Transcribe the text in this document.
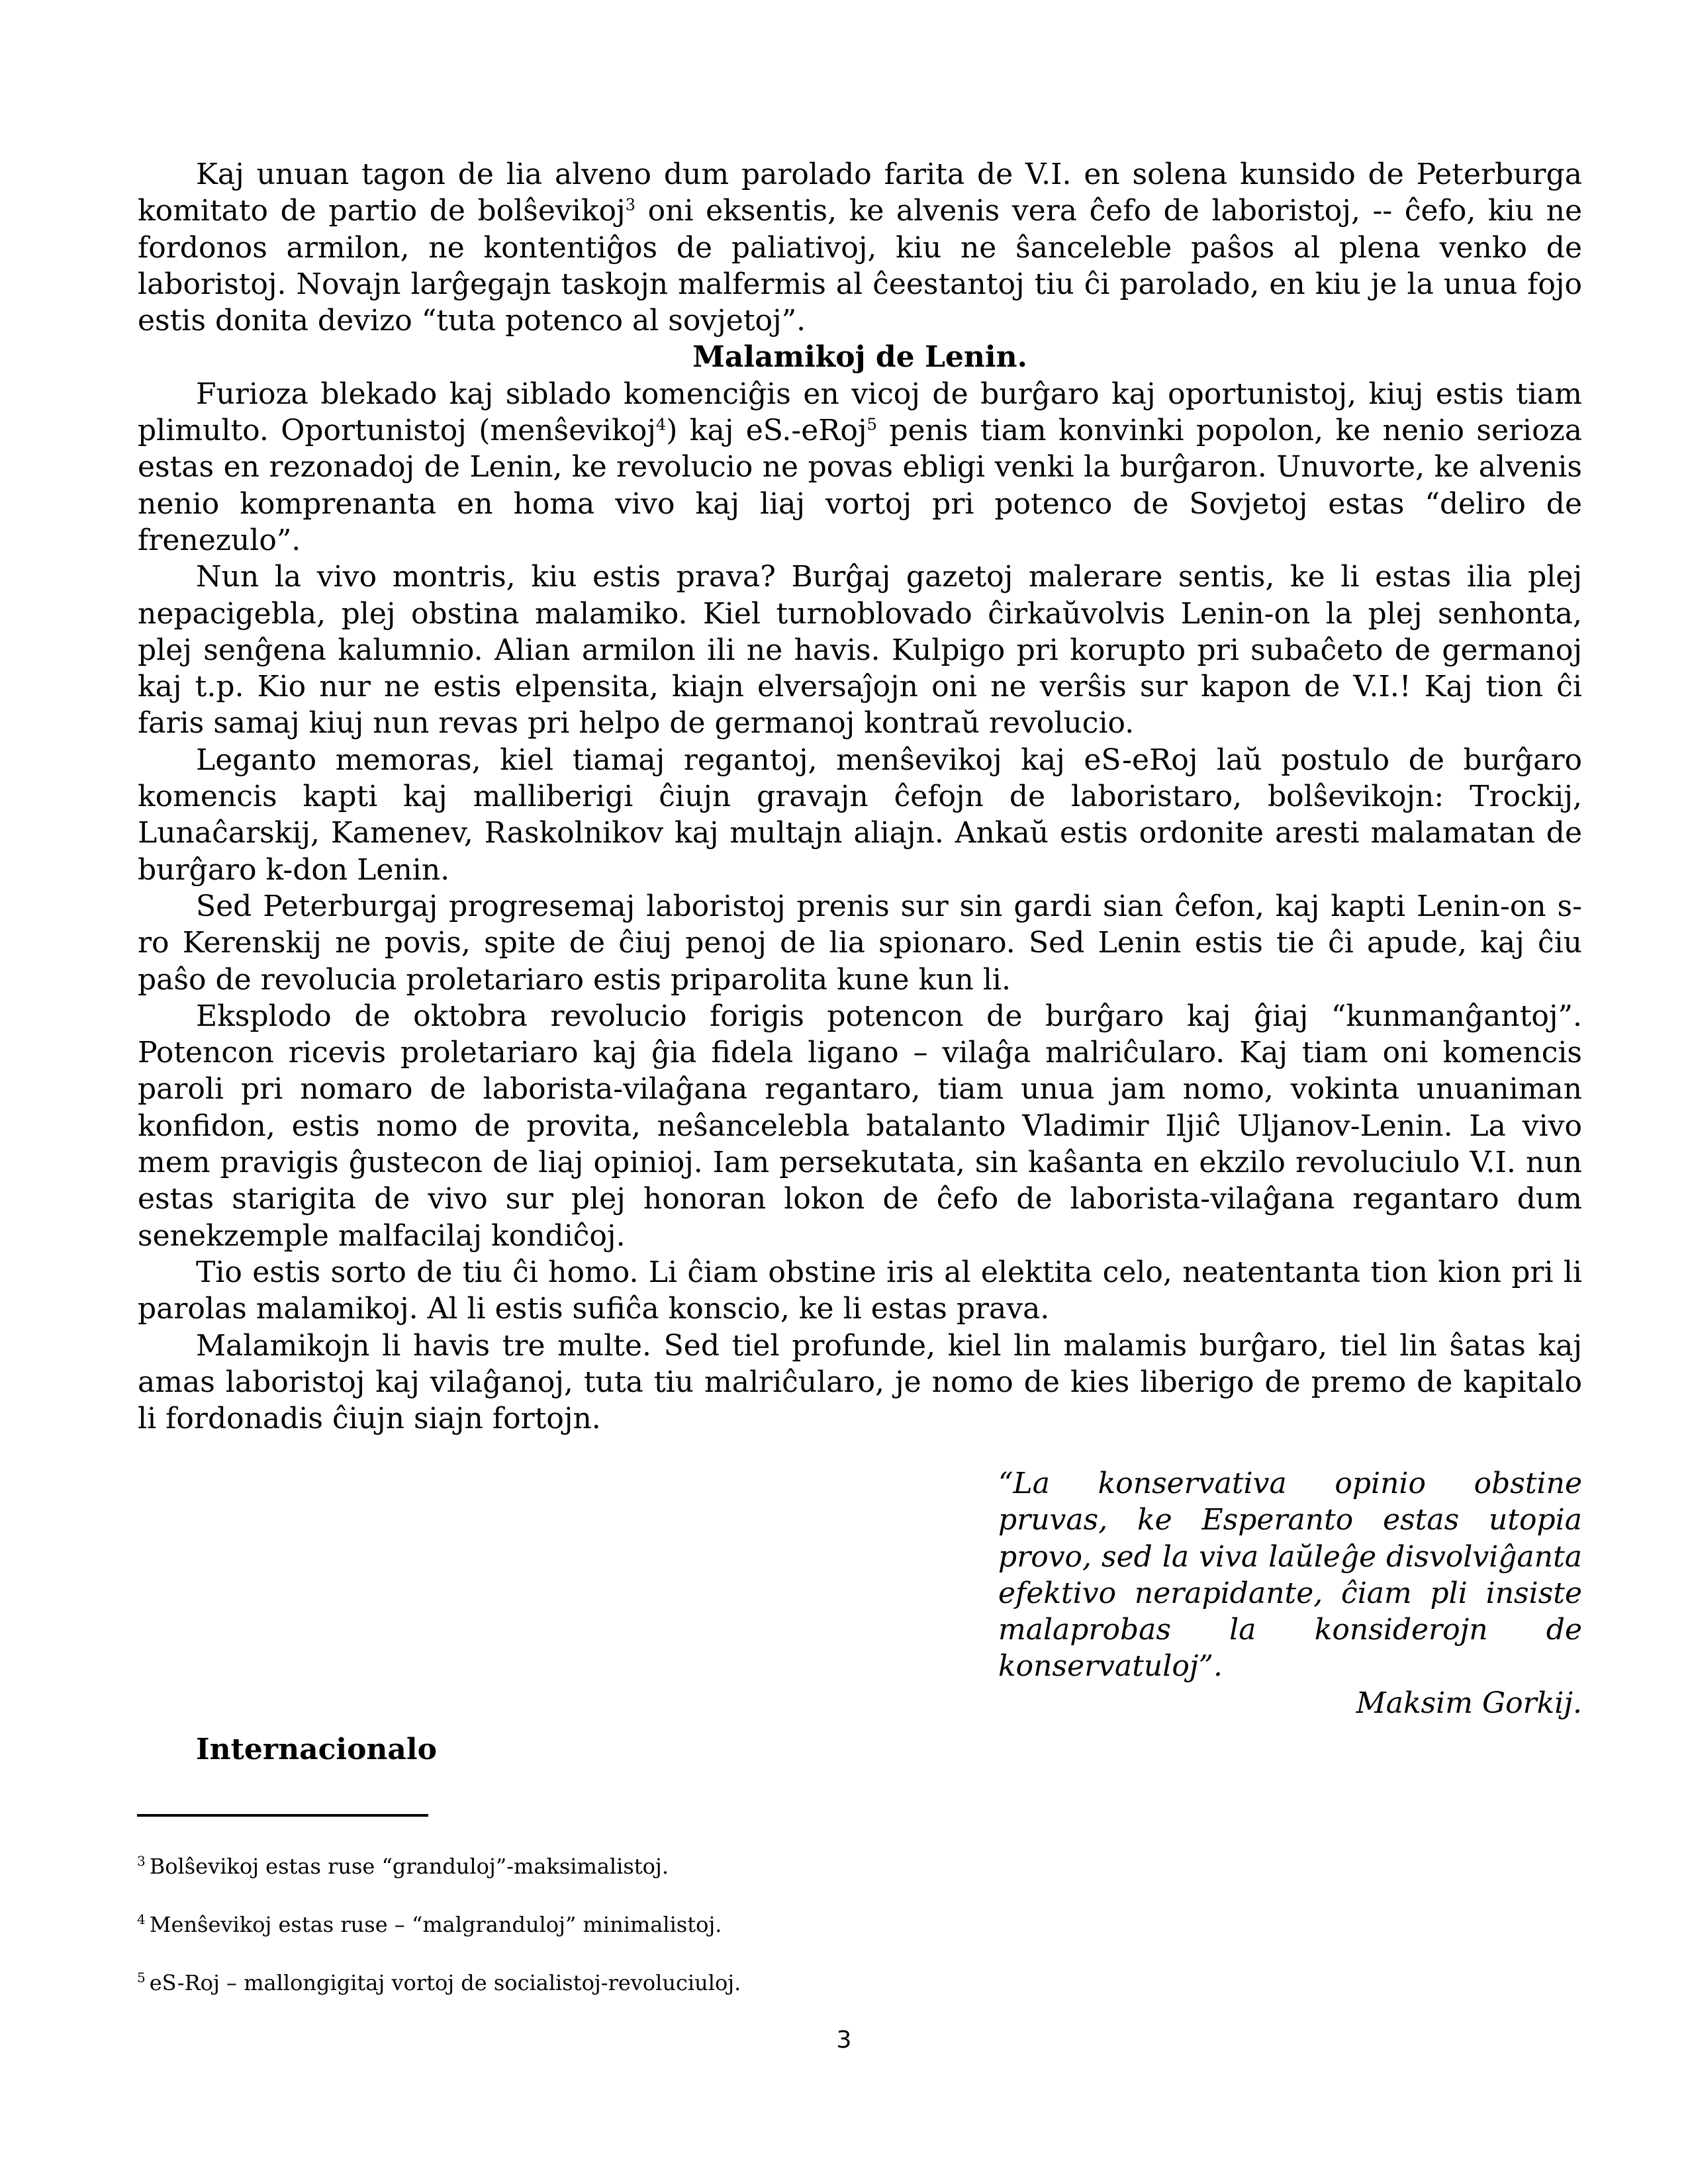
Kaj unuan tagon de lia alveno dum parolado farita de V.I. en solena kunsido de Peterburga komitato de partio de bolŝevikoj$^3$ oni eksentis, ke alvenis vera ĉefo de laboristoj, -- ĉefo, kiu ne fordonos armilon, ne kontentiĝos de paliativoj, kiu ne ŝanceleble paŝos al plena venko de laboristoj. Novajn larĝegajn taskojn malfermis al ĉeestantoj tiu ĉi parolado, en kiu je la unua fojo estis donita devizo “tuta potenco al sovjetoj”.

Malamikoj de Lenin.

Furioza blekado kaj siblado komenciĝis en vicoj de burĝaro kaj oportunistoj, kiuj estis tiam plimulto. Oportunistoj (menŝevikoj$^4$) kaj eS.-eRoj$^5$ penis tiam konvinki popolon, ke nenio serioza estas en rezonadoj de Lenin, ke revolucio ne povas ebligi venki la burĝaron. Unuvorte, ke alvenis nenio komprenanta en homa vivo kaj liaj vortoj pri potenco de Sovjetoj estas “deliro de frenezulo”.

Nun la vivo montris, kiu estis prava? Burĝaj gazetoj malerare sentis, ke li estas ilia plej nepacigebla, plej obstina malamiko. Kiel turnoblovado ĉirkaŭvolvis Lenin-on la plej senhonta, plej senĝena kalumnio. Alian armilon ili ne havis. Kulpigo pri korupto pri subaĉeto de germanoj kaj t.p. Kio nur ne estis elpensita, kiajn elversaĵojn oni ne verŝis sur kapon de V.I.! Kaj tion ĉi faris samaj kiuj nun revas pri helpo de germanoj kontraŭ revolucio.

Leganto memoras, kiel tiamaj regantoj, menŝevikoj kaj eS-eRoj laŭ postulo de burĝaro komencis kapti kaj malliberigi ĉiujn gravajn ĉefojn de laboristaro, bolŝevikojn: Trockij, Lunaĉarskij, Kamenev, Raskolnikov kaj multajn aliajn. Ankaŭ estis ordonite aresti malamatan de burĝaro k-don Lenin.

Sed Peterburgaj progresemaj laboristoj prenis sur sin gardi sian ĉefon, kaj kapti Lenin-on s-ro Kerenskij ne povis, spite de ĉiuj penoj de lia spionaro. Sed Lenin estis tie ĉi apude, kaj ĉiu paŝo de revolucia proletariaro estis priparolita kune kun li.

Eksplodo de oktobra revolucio forigis potencon de burĝaro kaj ĝiaj “kunmanĝantoj”. Potencon ricevis proletariaro kaj ĝia fidela ligano – vilaĝa malriĉularo. Kaj tiam oni komencis paroli pri nomaro de laborista-vilaĝana regantaro, tiam unua jam nomo, vokinta unuaniman konfidon, estis nomo de provita, neŝancelebla batalanto Vladimir Iljiĉ Uljanov-Lenin. La vivo mem pravigis ĝustecon de liaj opinioj. Iam persekutata, sin kaŝanta en ekzilo revoluciulo V.I. nun estas starigita de vivo sur plej honoran lokon de ĉefo de laborista-vilaĝana regantaro dum senekzemple malfacilaj kondiĉoj.

Tio estis sorto de tiu ĉi homo. Li ĉiam obstine iris al elektita celo, neatentanta tion kion pri li parolas malamikoj. Al li estis sufiĉa konscio, ke li estas prava.

Malamikojn li havis tre multe. Sed tiel profunde, kiel lin malamis burĝaro, tiel lin ŝatas kaj amas laboristoj kaj vilaĝanoj, tuta tiu malriĉularo, je nomo de kies liberigo de premo de kapitalo li fordonadis ĉiujn siajn fortojn.

“La konservativa opinio obstine pruvas, ke Esperanto estas utopia provo, sed la viva laŭleĝe disvolviĝanta efektivo nerapidante, ĉiam pli insiste malaprobas la konsiderojn de konservatuloj”.
Maksim Gorkij.
Internacionalo
$^3$ Bolŝevikoj estas ruse “granduloj”-maksimalistoj.
$^4$ Menŝevikoj estas ruse – “malgranduloj” minimalistoj.
$^5$ eS-Roj – mallongigitaj vortoj de socialistoj-revoluciuloj.
3
